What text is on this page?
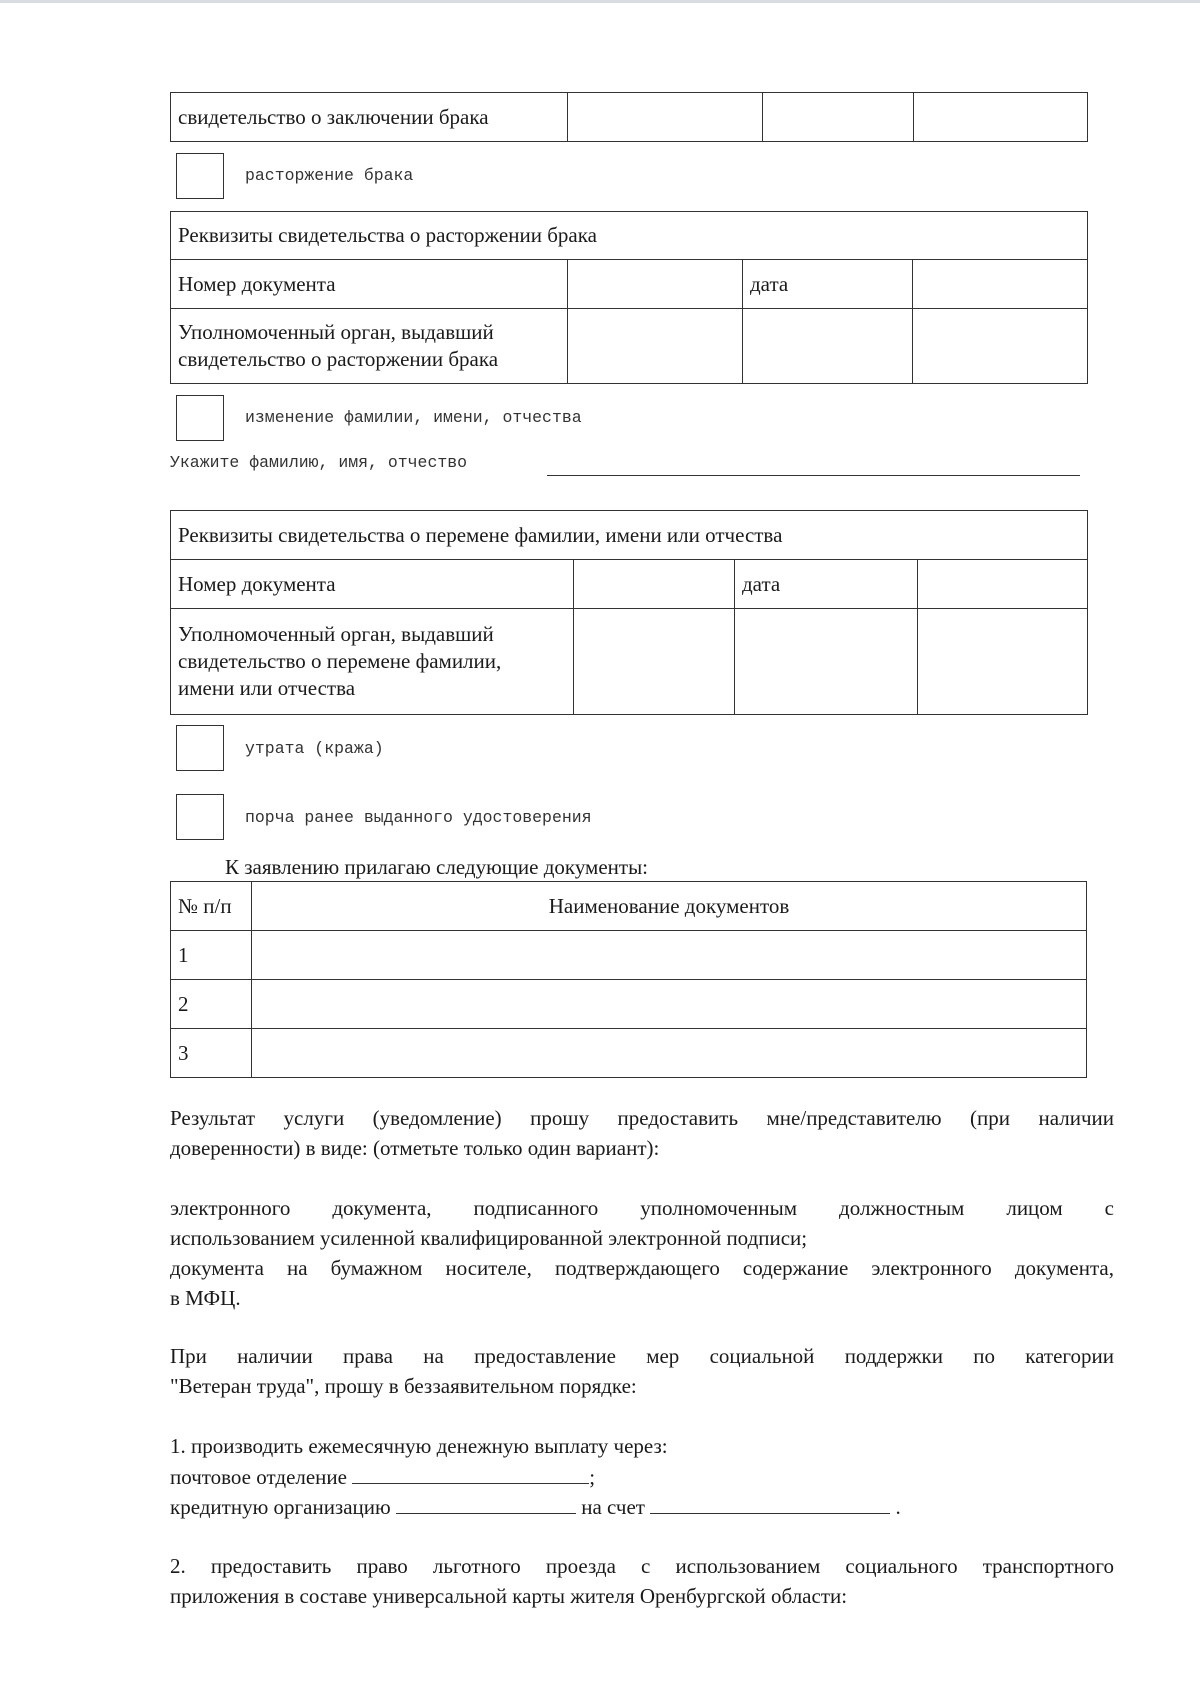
свидетельство о заключении брака			
расторжение брака
Реквизиты свидетельства о расторжении брака			
Номер документа		дата	

Уполномоченный орган, выдавший
свидетельство о расторжении брака			

изменение фамилии, имени, отчества
Укажите фамилию, имя, отчество
Реквизиты свидетельства о перемене фамилии, имени или отчества			
Номер документа		дата	

Уполномоченный орган, выдавший
свидетельство о перемене фамилии,
имени или отчества			

утрата (кража)
порча ранее выданного удостоверения
К заявлению прилагаю следующие документы:
№ п/п	Наименование документов
1	
2	
3	
Результат услуги (уведомление) прошу предоставить мне/представителю (при наличии
доверенности) в виде: (отметьте только один вариант):
электронного документа, подписанного уполномоченным должностным лицом с
использованием усиленной квалифицированной электронной подписи;
документа на бумажном носителе, подтверждающего содержание электронного документа,
в МФЦ.
При наличии права на предоставление мер социальной поддержки по категории
"Ветеран труда", прошу в беззаявительном порядке:
1. производить ежемесячную денежную выплату через:
почтовое отделение	;
кредитную организацию	на счет	.
2. предоставить право льготного проезда с использованием социального транспортного
приложения в составе универсальной карты жителя Оренбургской области:
